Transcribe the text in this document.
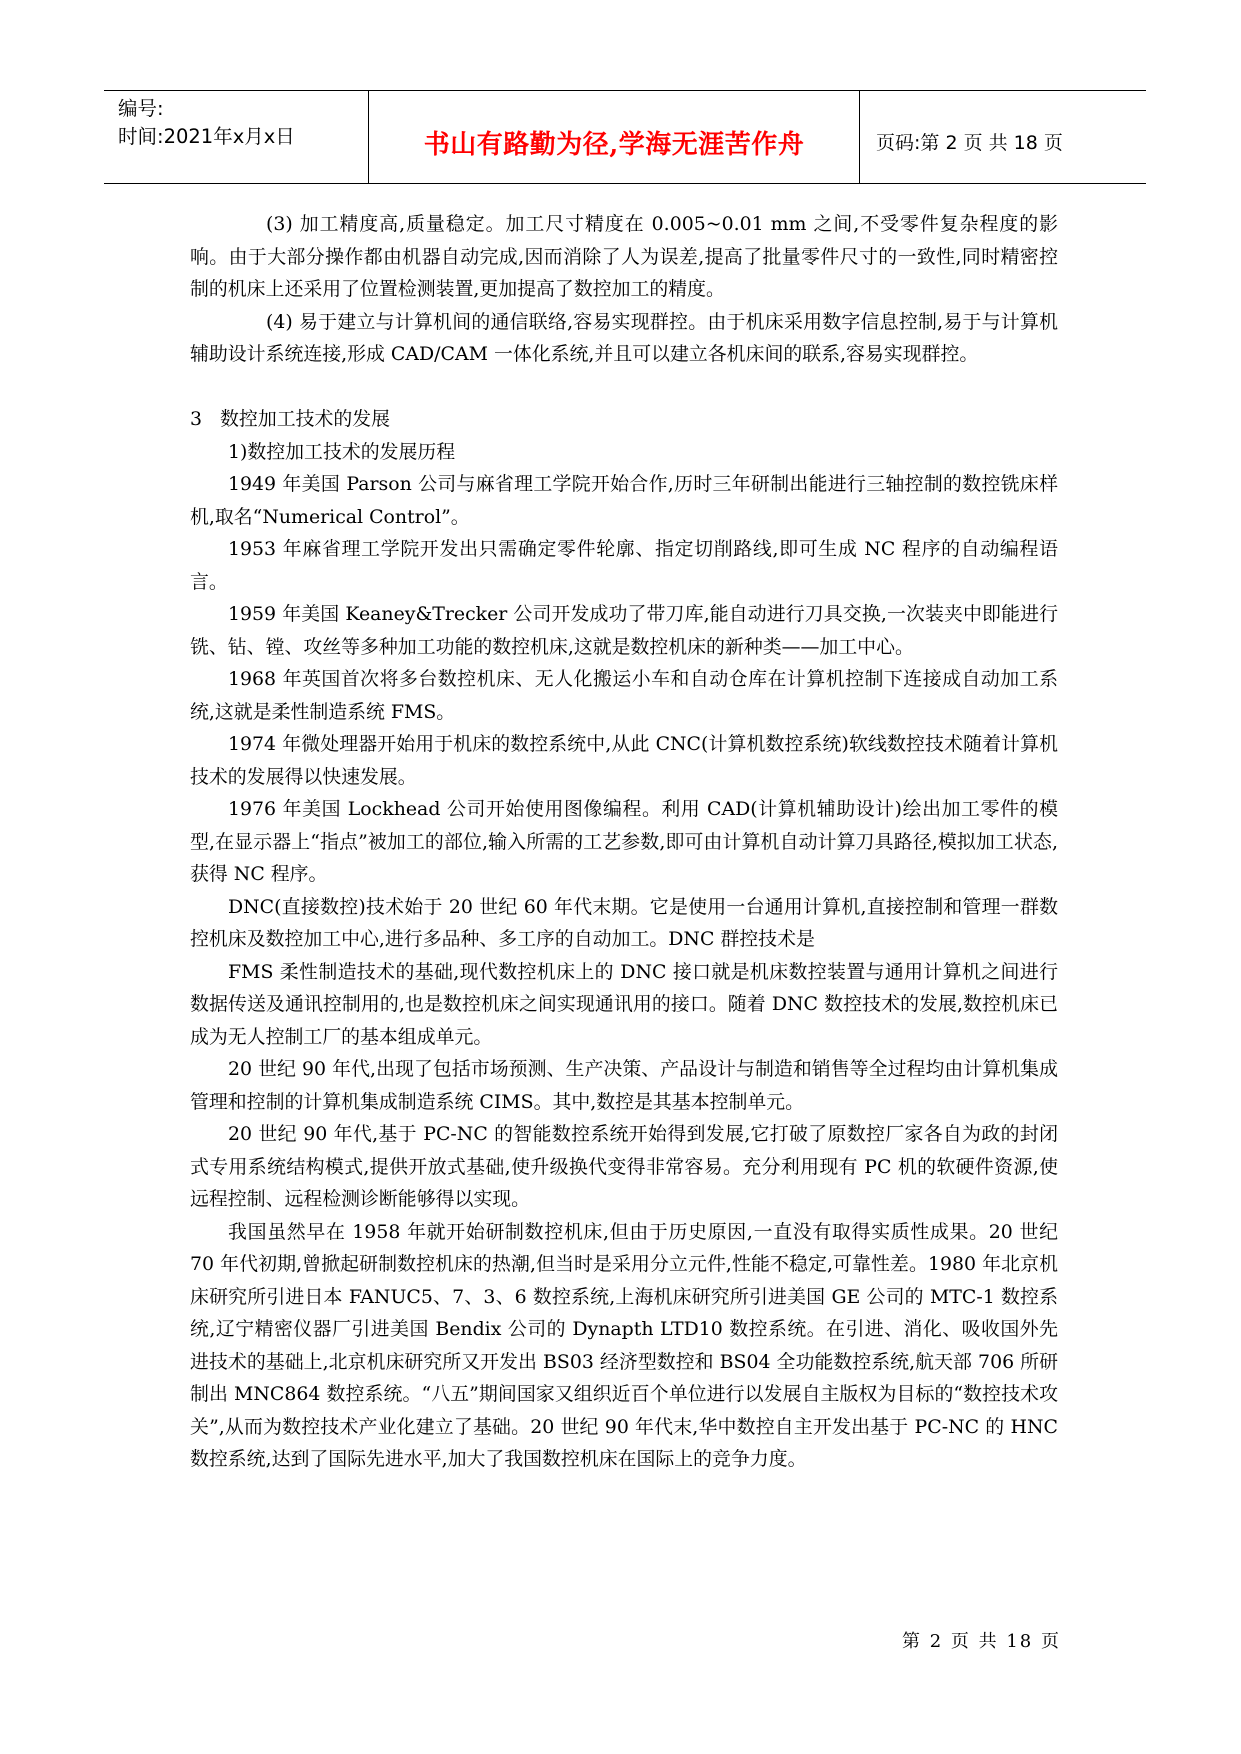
编号:
时间:2021年x月x日	书山有路勤为径,学海无涯苦作舟	页码:第 2 页 共 18 页

(3) 加工精度高,质量稳定。加工尺寸精度在 0.005~0.01 mm 之间,不受零件复杂程度的影响。由于大部分操作都由机器自动完成,因而消除了人为误差,提高了批量零件尺寸的一致性,同时精密控制的机床上还采用了位置检测装置,更加提高了数控加工的精度。

(4) 易于建立与计算机间的通信联络,容易实现群控。由于机床采用数字信息控制,易于与计算机辅助设计系统连接,形成 CAD/CAM 一体化系统,并且可以建立各机床间的联系,容易实现群控。

3   数控加工技术的发展

1)数控加工技术的发展历程

1949 年美国 Parson 公司与麻省理工学院开始合作,历时三年研制出能进行三轴控制的数控铣床样机,取名“Numerical Control”。

1953 年麻省理工学院开发出只需确定零件轮廓、指定切削路线,即可生成 NC 程序的自动编程语言。

1959 年美国 Keaney&Trecker 公司开发成功了带刀库,能自动进行刀具交换,一次装夹中即能进行铣、钻、镗、攻丝等多种加工功能的数控机床,这就是数控机床的新种类——加工中心。

1968 年英国首次将多台数控机床、无人化搬运小车和自动仓库在计算机控制下连接成自动加工系统,这就是柔性制造系统 FMS。

1974 年微处理器开始用于机床的数控系统中,从此 CNC(计算机数控系统)软线数控技术随着计算机技术的发展得以快速发展。

1976 年美国 Lockhead 公司开始使用图像编程。利用 CAD(计算机辅助设计)绘出加工零件的模型,在显示器上“指点”被加工的部位,输入所需的工艺参数,即可由计算机自动计算刀具路径,模拟加工状态,获得 NC 程序。

DNC(直接数控)技术始于 20 世纪 60 年代末期。它是使用一台通用计算机,直接控制和管理一群数控机床及数控加工中心,进行多品种、多工序的自动加工。DNC 群控技术是

FMS 柔性制造技术的基础,现代数控机床上的 DNC 接口就是机床数控装置与通用计算机之间进行数据传送及通讯控制用的,也是数控机床之间实现通讯用的接口。随着 DNC 数控技术的发展,数控机床已成为无人控制工厂的基本组成单元。

20 世纪 90 年代,出现了包括市场预测、生产决策、产品设计与制造和销售等全过程均由计算机集成管理和控制的计算机集成制造系统 CIMS。其中,数控是其基本控制单元。

20 世纪 90 年代,基于 PC-NC 的智能数控系统开始得到发展,它打破了原数控厂家各自为政的封闭式专用系统结构模式,提供开放式基础,使升级换代变得非常容易。充分利用现有 PC 机的软硬件资源,使远程控制、远程检测诊断能够得以实现。

我国虽然早在 1958 年就开始研制数控机床,但由于历史原因,一直没有取得实质性成果。20 世纪 70 年代初期,曾掀起研制数控机床的热潮,但当时是采用分立元件,性能不稳定,可靠性差。1980 年北京机床研究所引进日本 FANUC5、7、3、6 数控系统,上海机床研究所引进美国 GE 公司的 MTC-1 数控系统,辽宁精密仪器厂引进美国 Bendix 公司的 Dynapth LTD10 数控系统。在引进、消化、吸收国外先进技术的基础上,北京机床研究所又开发出 BS03 经济型数控和 BS04 全功能数控系统,航天部 706 所研制出 MNC864 数控系统。“八五”期间国家又组织近百个单位进行以发展自主版权为目标的“数控技术攻关”,从而为数控技术产业化建立了基础。20 世纪 90 年代末,华中数控自主开发出基于 PC-NC 的 HNC 数控系统,达到了国际先进水平,加大了我国数控机床在国际上的竞争力度。

第 2 页 共 18 页
